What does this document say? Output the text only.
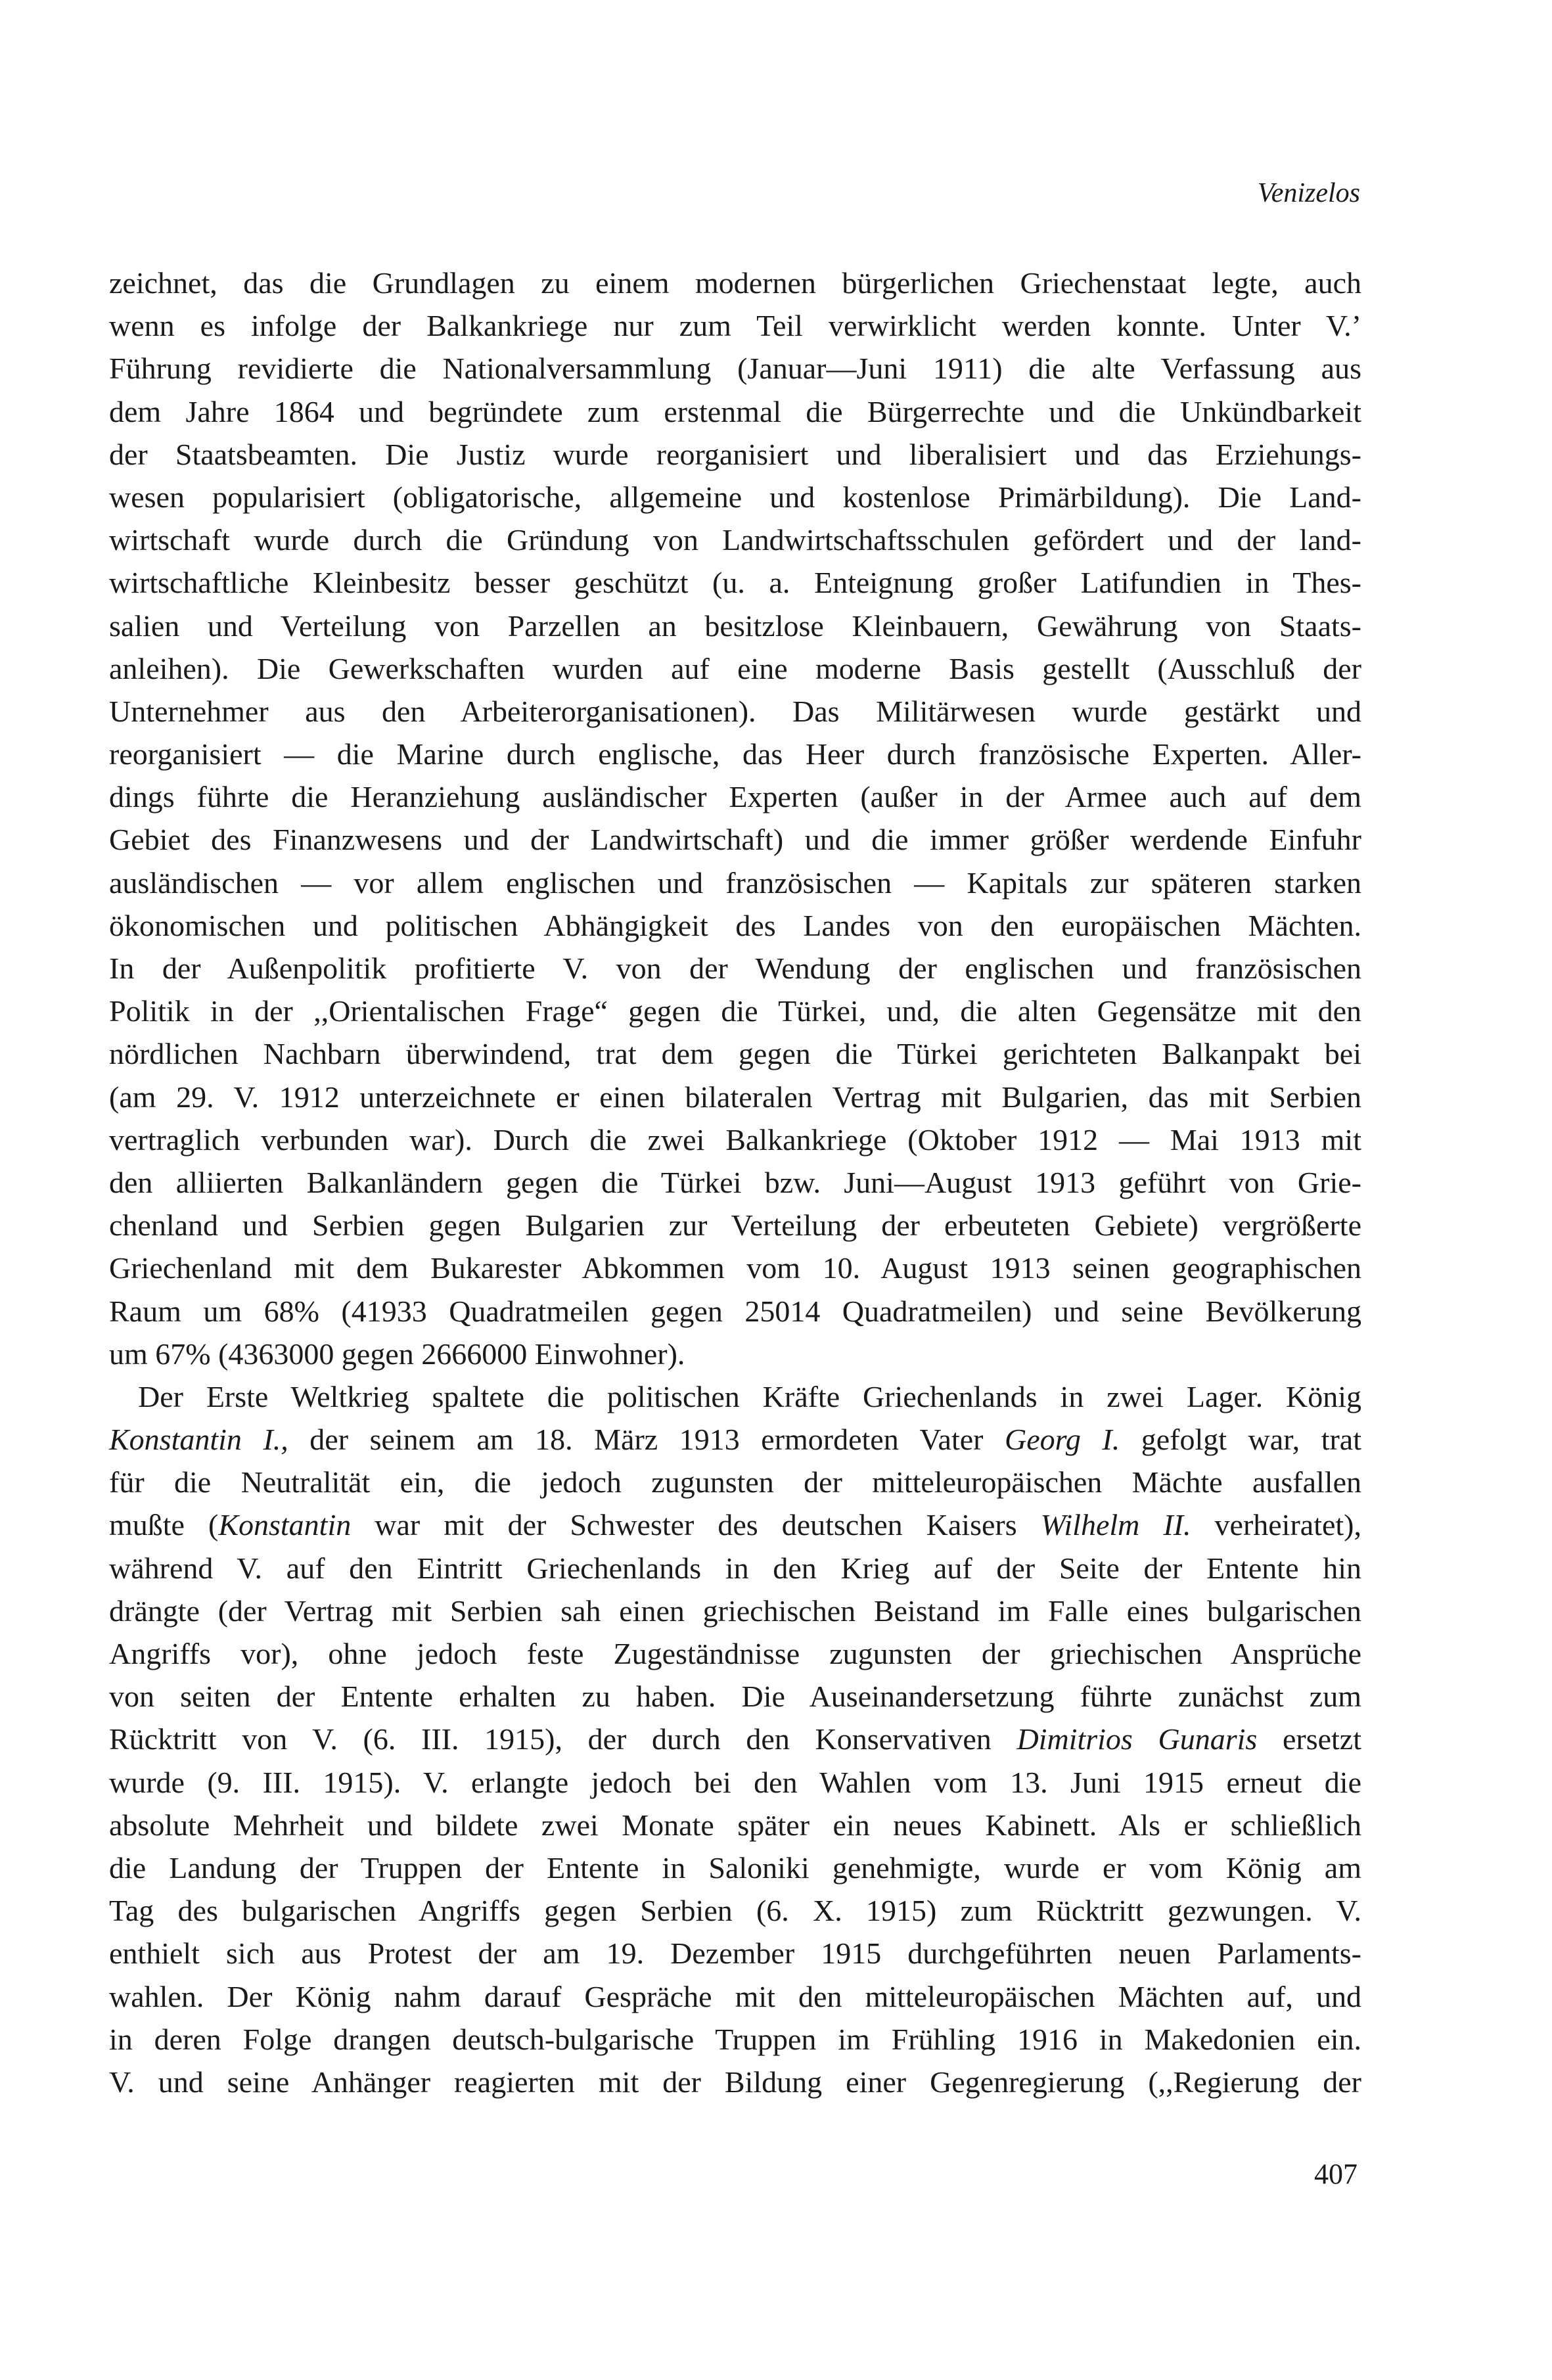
Venizelos
zeichnet, das die Grundlagen zu einem modernen bürgerlichen Griechenstaat legte, auch
wenn es infolge der Balkankriege nur zum Teil verwirklicht werden konnte. Unter V.’
Führung revidierte die Nationalversammlung (Januar—Juni 1911) die alte Verfassung aus
dem Jahre 1864 und begründete zum erstenmal die Bürgerrechte und die Unkündbarkeit
der Staatsbeamten. Die Justiz wurde reorganisiert und liberalisiert und das Erziehungs-
wesen popularisiert (obligatorische, allgemeine und kostenlose Primärbildung). Die Land-
wirtschaft wurde durch die Gründung von Landwirtschaftsschulen gefördert und der land-
wirtschaftliche Kleinbesitz besser geschützt (u. a. Enteignung großer Latifundien in Thes-
salien und Verteilung von Parzellen an besitzlose Kleinbauern, Gewährung von Staats-
anleihen). Die Gewerkschaften wurden auf eine moderne Basis gestellt (Ausschluß der
Unternehmer aus den Arbeiterorganisationen). Das Militärwesen wurde gestärkt und
reorganisiert — die Marine durch englische, das Heer durch französische Experten. Aller-
dings führte die Heranziehung ausländischer Experten (außer in der Armee auch auf dem
Gebiet des Finanzwesens und der Landwirtschaft) und die immer größer werdende Einfuhr
ausländischen — vor allem englischen und französischen — Kapitals zur späteren starken
ökonomischen und politischen Abhängigkeit des Landes von den europäischen Mächten.
In der Außenpolitik profitierte V. von der Wendung der englischen und französischen
Politik in der ,,Orientalischen Frage“ gegen die Türkei, und, die alten Gegensätze mit den
nördlichen Nachbarn überwindend, trat dem gegen die Türkei gerichteten Balkanpakt bei
(am 29. V. 1912 unterzeichnete er einen bilateralen Vertrag mit Bulgarien, das mit Serbien
vertraglich verbunden war). Durch die zwei Balkankriege (Oktober 1912 — Mai 1913 mit
den alliierten Balkanländern gegen die Türkei bzw. Juni—August 1913 geführt von Grie-
chenland und Serbien gegen Bulgarien zur Verteilung der erbeuteten Gebiete) vergrößerte
Griechenland mit dem Bukarester Abkommen vom 10. August 1913 seinen geographischen
Raum um 68% (41933 Quadratmeilen gegen 25014 Quadratmeilen) und seine Bevölkerung
um 67% (4363000 gegen 2666000 Einwohner).
Der Erste Weltkrieg spaltete die politischen Kräfte Griechenlands in zwei Lager. König
Konstantin I., der seinem am 18. März 1913 ermordeten Vater Georg I. gefolgt war, trat
für die Neutralität ein, die jedoch zugunsten der mitteleuropäischen Mächte ausfallen
mußte (Konstantin war mit der Schwester des deutschen Kaisers Wilhelm II. verheiratet),
während V. auf den Eintritt Griechenlands in den Krieg auf der Seite der Entente hin
drängte (der Vertrag mit Serbien sah einen griechischen Beistand im Falle eines bulgarischen
Angriffs vor), ohne jedoch feste Zugeständnisse zugunsten der griechischen Ansprüche
von seiten der Entente erhalten zu haben. Die Auseinandersetzung führte zunächst zum
Rücktritt von V. (6. III. 1915), der durch den Konservativen Dimitrios Gunaris ersetzt
wurde (9. III. 1915). V. erlangte jedoch bei den Wahlen vom 13. Juni 1915 erneut die
absolute Mehrheit und bildete zwei Monate später ein neues Kabinett. Als er schließlich
die Landung der Truppen der Entente in Saloniki genehmigte, wurde er vom König am
Tag des bulgarischen Angriffs gegen Serbien (6. X. 1915) zum Rücktritt gezwungen. V.
enthielt sich aus Protest der am 19. Dezember 1915 durchgeführten neuen Parlaments-
wahlen. Der König nahm darauf Gespräche mit den mitteleuropäischen Mächten auf, und
in deren Folge drangen deutsch-bulgarische Truppen im Frühling 1916 in Makedonien ein.
V. und seine Anhänger reagierten mit der Bildung einer Gegenregierung (,,Regierung der
407
